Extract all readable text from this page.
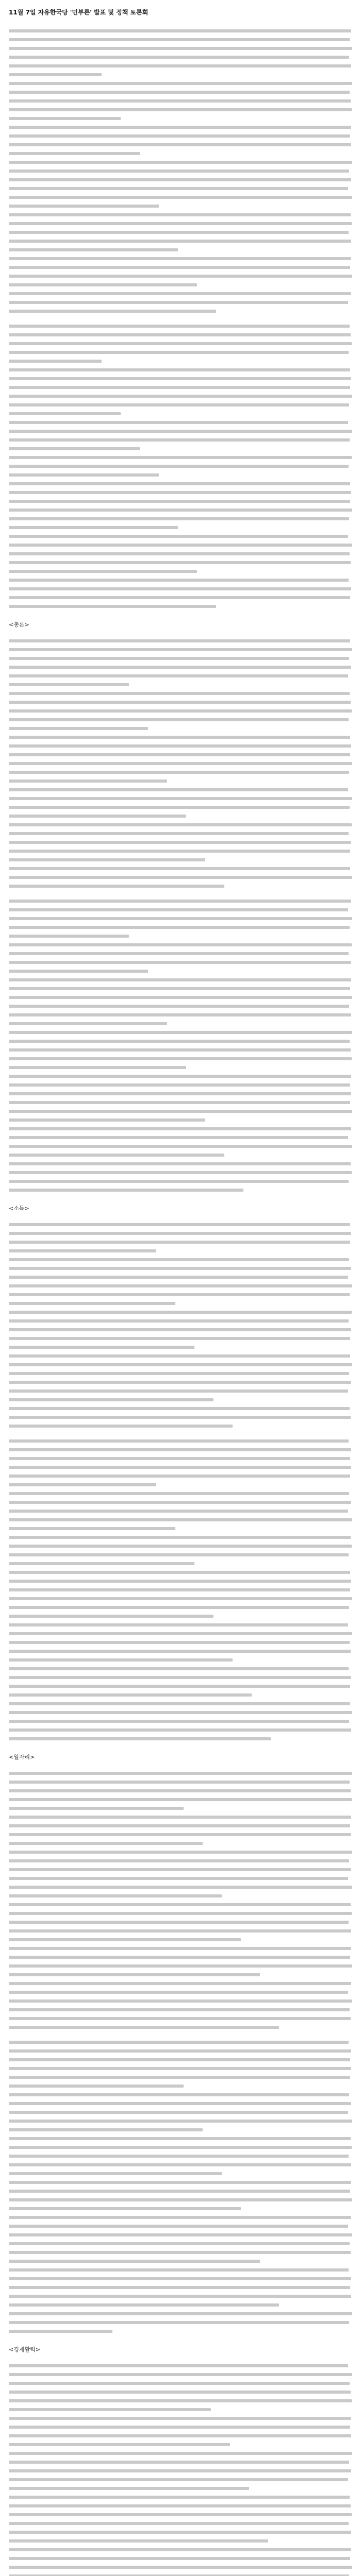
11월 7일 자유한국당 '민부론' 발표 및 정책 토론회
<총론>
<소득>
<일자리>
<경제활력>
